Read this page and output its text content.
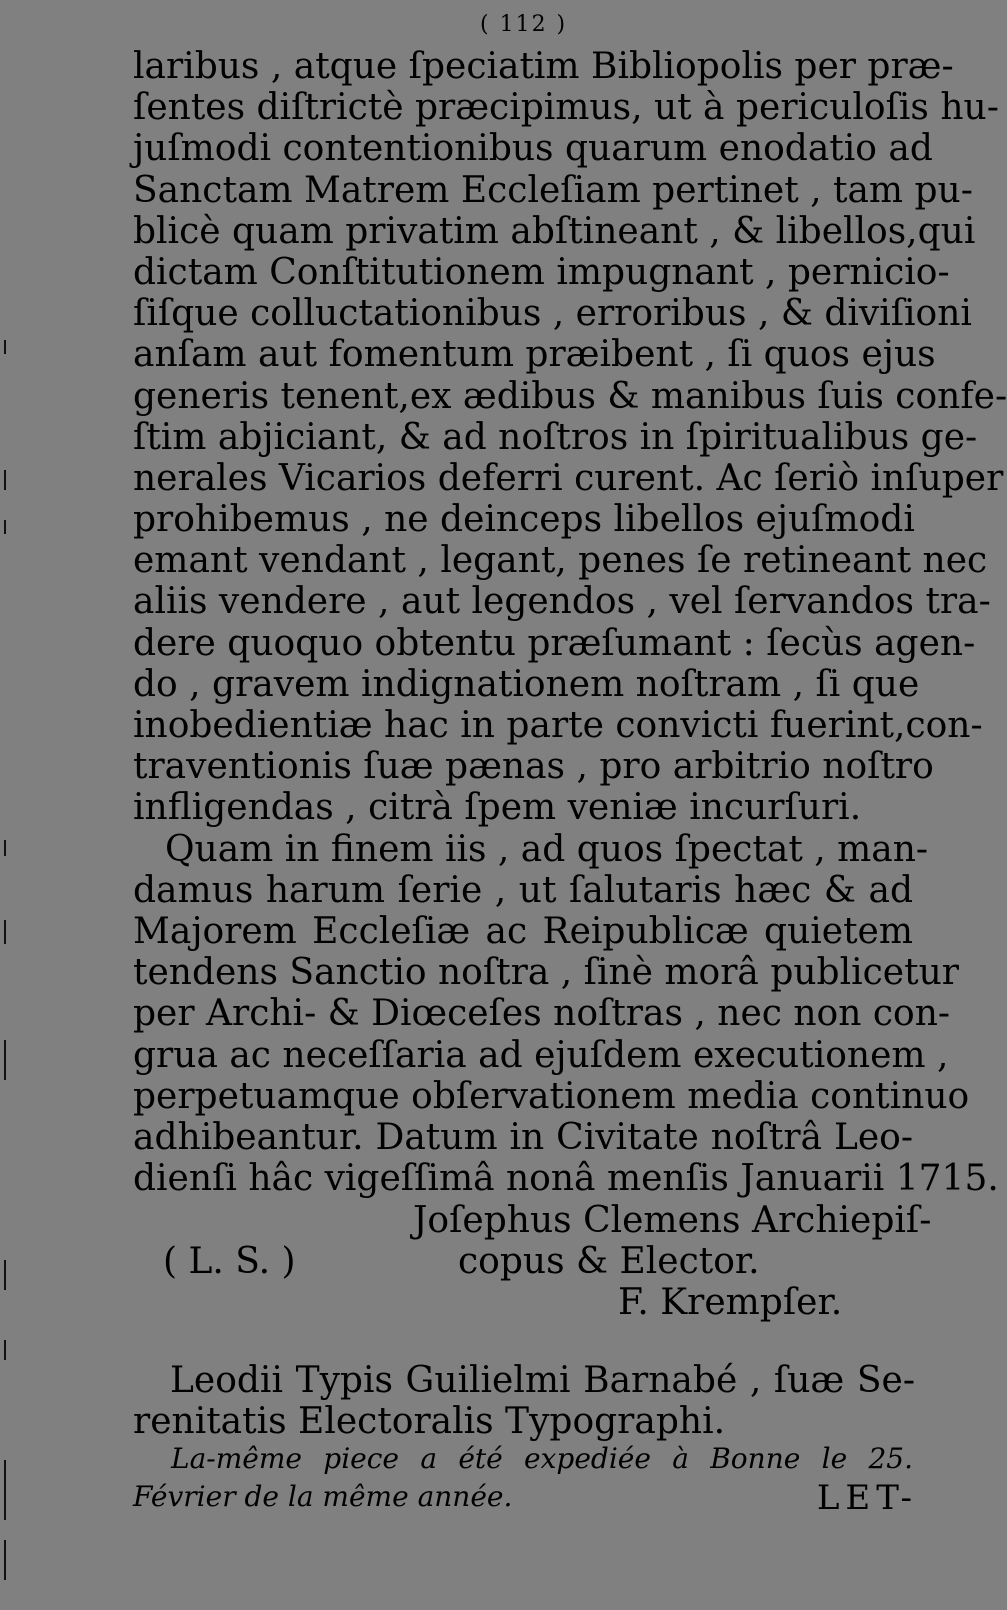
( 112 )
laribus , atque ſpeciatim Bibliopolis per præ-
ſentes diſtrictè præcipimus, ut à periculoſis hu-
juſmodi contentionibus quarum enodatio ad
Sanctam Matrem Eccleſiam pertinet , tam pu-
blicè quam privatim abſtineant , & libellos,qui
dictam Conſtitutionem impugnant , pernicio-
ſiſque colluctationibus , erroribus , & diviſioni
anſam aut fomentum præibent , ſi quos ejus
generis tenent,ex ædibus & manibus ſuis confe-
ſtim abjiciant, & ad noſtros in ſpiritualibus ge-
nerales Vicarios deferri curent. Ac ſeriò inſuper
prohibemus , ne deinceps libellos ejuſmodi
emant vendant , legant, penes ſe retineant nec
aliis vendere , aut legendos , vel ſervandos tra-
dere quoquo obtentu præſumant : ſecùs agen-
do , gravem indignationem noſtram , ſi que
inobedientiæ hac in parte convicti fuerint,con-
traventionis ſuæ pænas , pro arbitrio noſtro
infligendas , citrà ſpem veniæ incurſuri.
Quam in finem iis , ad quos ſpectat , man-
damus harum ſerie , ut ſalutaris hæc & ad
Majorem Eccleſiæ ac Reipublicæ quietem
tendens Sanctio noſtra , ſinè morâ publicetur
per Archi- & Diœceſes noſtras , nec non con-
grua ac neceſſaria ad ejuſdem executionem ,
perpetuamque obſervationem media continuo
adhibeantur. Datum in Civitate noſtrâ Leo-
dienſi hâc vigeſſimâ nonâ menſis Januarii 1715.
Joſephus Clemens Archiepiſ-
( L. S. )	copus & Elector.
F. Krempſer.
Leodii Typis Guilielmi Barnabé , ſuæ Se-
renitatis Electoralis Typographi.
La-même piece a été expediée à Bonne le 25.
Février de la même année.	LET-
